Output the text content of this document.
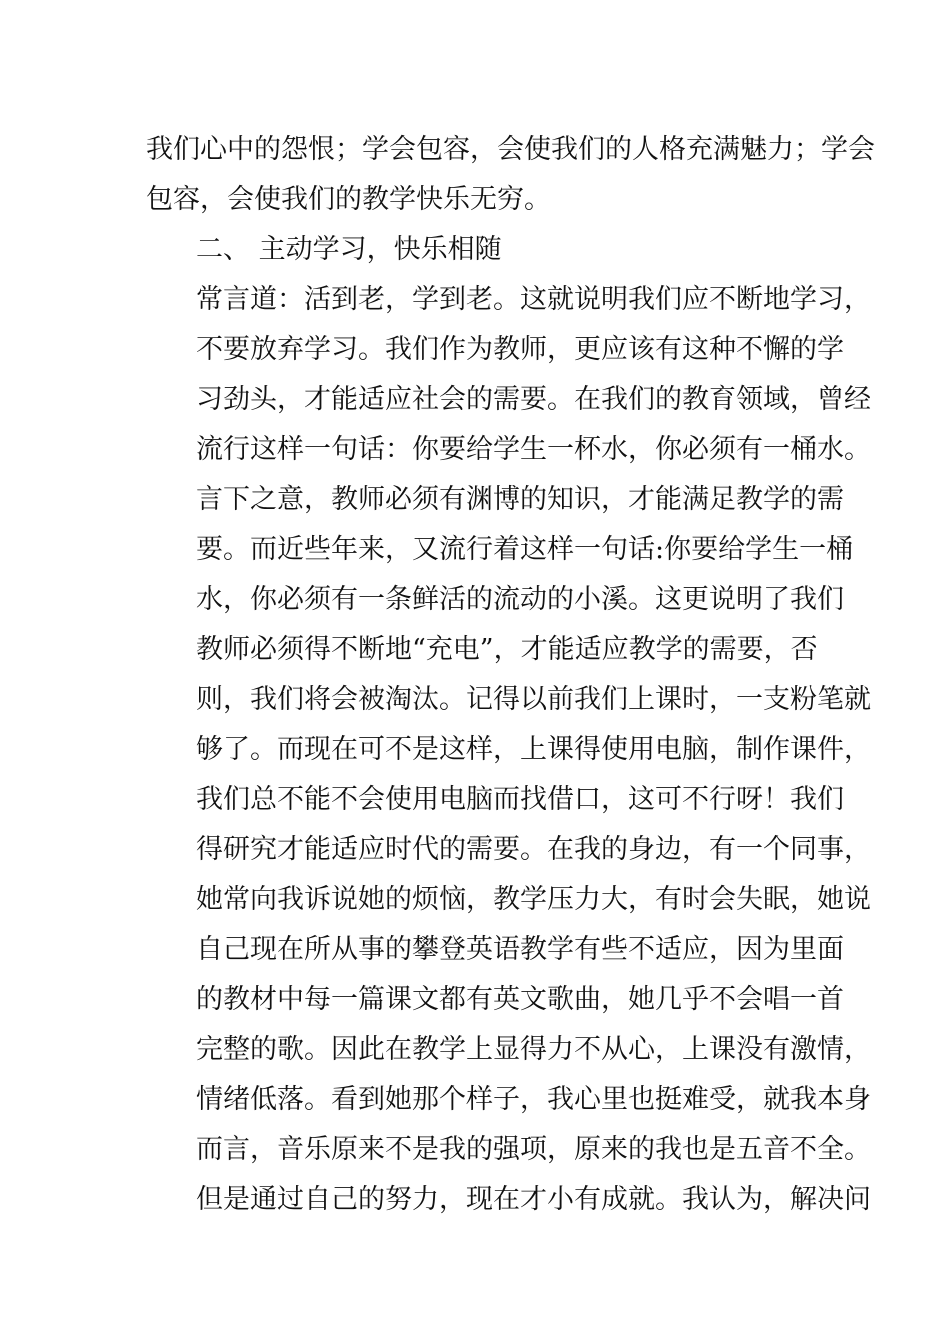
我们心中的怨恨；学会包容，会使我们的人格充满魅力；学会
包容，会使我们的教学快乐无穷。
二、 主动学习，快乐相随
常言道：活到老，学到老。这就说明我们应不断地学习，
不要放弃学习。我们作为教师，更应该有这种不懈的学
习劲头，才能适应社会的需要。在我们的教育领域，曾经
流行这样一句话：你要给学生一杯水，你必须有一桶水。
言下之意，教师必须有渊博的知识，才能满足教学的需
要。而近些年来，又流行着这样一句话:你要给学生一桶
水，你必须有一条鲜活的流动的小溪。这更说明了我们
教师必须得不断地“充电”，才能适应教学的需要，否
则，我们将会被淘汰。记得以前我们上课时，一支粉笔就
够了。而现在可不是这样，上课得使用电脑，制作课件，
我们总不能不会使用电脑而找借口，这可不行呀！我们
得研究才能适应时代的需要。在我的身边，有一个同事，
她常向我诉说她的烦恼，教学压力大，有时会失眠，她说
自己现在所从事的攀登英语教学有些不适应，因为里面
的教材中每一篇课文都有英文歌曲，她几乎不会唱一首
完整的歌。因此在教学上显得力不从心，上课没有激情，
情绪低落。看到她那个样子，我心里也挺难受，就我本身
而言，音乐原来不是我的强项，原来的我也是五音不全。
但是通过自己的努力，现在才小有成就。我认为，解决问
